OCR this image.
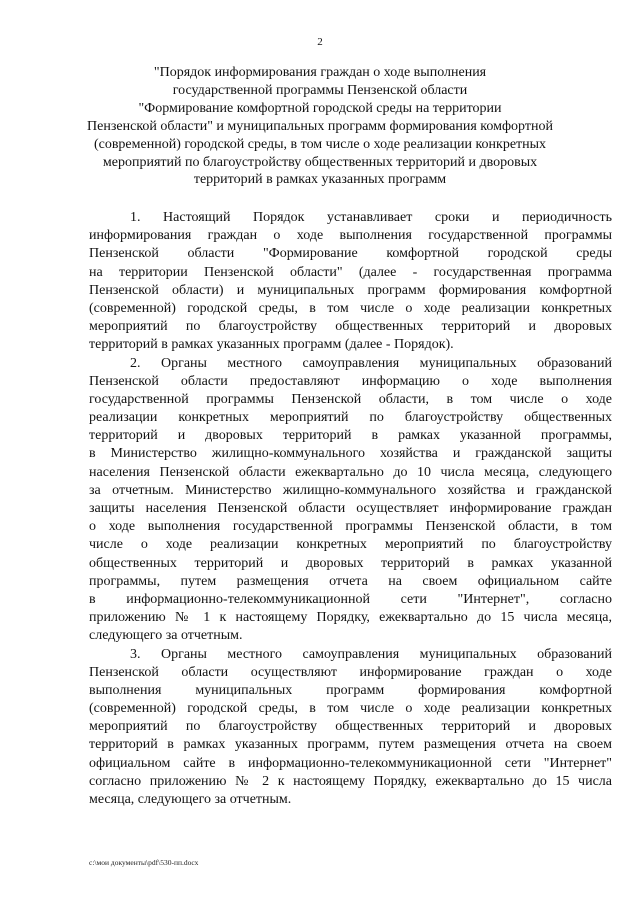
2
"Порядок информирования граждан о ходе выполнения
государственной программы Пензенской области
"Формирование комфортной городской среды на территории
Пензенской области" и муниципальных программ формирования комфортной
(современной) городской среды, в том числе о ходе реализации конкретных
мероприятий по благоустройству общественных территорий и дворовых
территорий в рамках указанных программ
1. Настоящий Порядок устанавливает сроки и периодичность
информирования граждан о ходе выполнения государственной программы
Пензенской области "Формирование комфортной городской среды
на территории Пензенской области" (далее - государственная программа
Пензенской области) и муниципальных программ формирования комфортной
(современной) городской среды, в том числе о ходе реализации конкретных
мероприятий по благоустройству общественных территорий и дворовых
территорий в рамках указанных программ (далее - Порядок).
2. Органы местного самоуправления муниципальных образований
Пензенской области предоставляют информацию о ходе выполнения
государственной программы Пензенской области, в том числе о ходе
реализации конкретных мероприятий по благоустройству общественных
территорий и дворовых территорий в рамках указанной программы,
в Министерство жилищно-коммунального хозяйства и гражданской защиты
населения Пензенской области ежеквартально до 10 числа месяца, следующего
за отчетным. Министерство жилищно-коммунального хозяйства и гражданской
защиты населения Пензенской области осуществляет информирование граждан
о ходе выполнения государственной программы Пензенской области, в том
числе о ходе реализации конкретных мероприятий по благоустройству
общественных территорий и дворовых территорий в рамках указанной
программы, путем размещения отчета на своем официальном сайте
в информационно-телекоммуникационной сети "Интернет", согласно
приложению № 1 к настоящему Порядку, ежеквартально до 15 числа месяца,
следующего за отчетным.
3. Органы местного самоуправления муниципальных образований
Пензенской области осуществляют информирование граждан о ходе
выполнения муниципальных программ формирования комфортной
(современной) городской среды, в том числе о ходе реализации конкретных
мероприятий по благоустройству общественных территорий и дворовых
территорий в рамках указанных программ, путем размещения отчета на своем
официальном сайте в информационно-телекоммуникационной сети "Интернет"
согласно приложению № 2 к настоящему Порядку, ежеквартально до 15 числа
месяца, следующего за отчетным.
c:\мои документы\pdf\530-пп.docx
